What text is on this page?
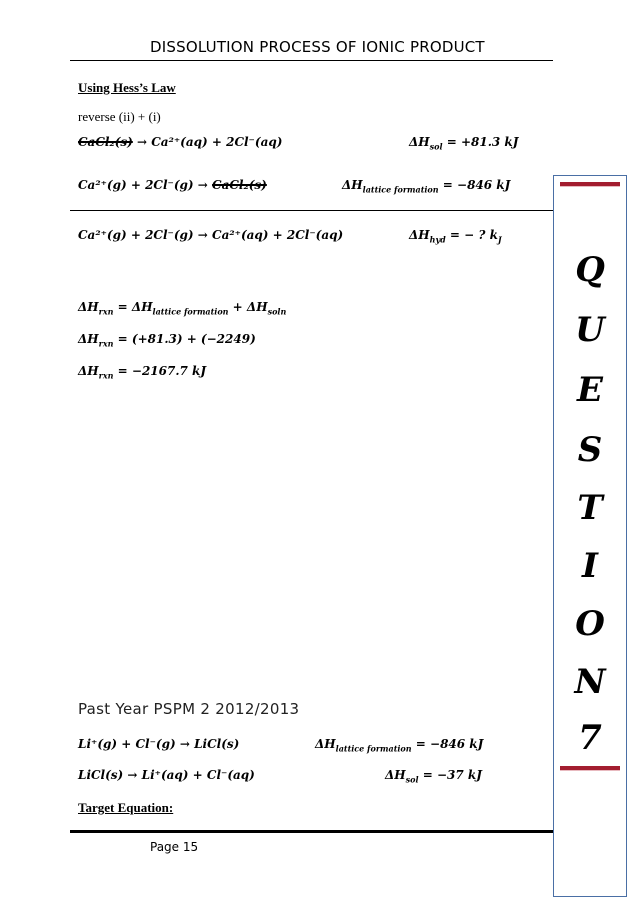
DISSOLUTION PROCESS OF IONIC PRODUCT
Using Hess’s Law
reverse (ii) + (i)
CaCl₂(s) → Ca²⁺(aq) + 2Cl⁻(aq)	$\Delta H_{sol} = +81.3$ kJ
Ca²⁺(g) + 2Cl⁻(g) → CaCl₂(s)	$\Delta H_{lattice formation} = -846$ kJ
Ca²⁺(g) + 2Cl⁻(g) → Ca²⁺(aq) + 2Cl⁻(aq)	$\Delta H_{hyd}$ = − ? $k_J$
$\Delta H_{rxn} = \Delta H_{lattice formation} + \Delta H_{soln}$
$\Delta H_{rxn} = (+81.3) + (-2249)$
$\Delta H_{rxn} = -2167.7$ kJ
Past Year PSPM 2 2012/2013
Li⁺(g) + Cl⁻(g) → LiCl(s)	$\Delta H_{lattice formation} = -846$ kJ
LiCl(s) → Li⁺(aq) + Cl⁻(aq)	$\Delta H_{sol} = -37$ kJ
Target Equation:
Page 15
Q
U
E
S
T
I
O
N
7
